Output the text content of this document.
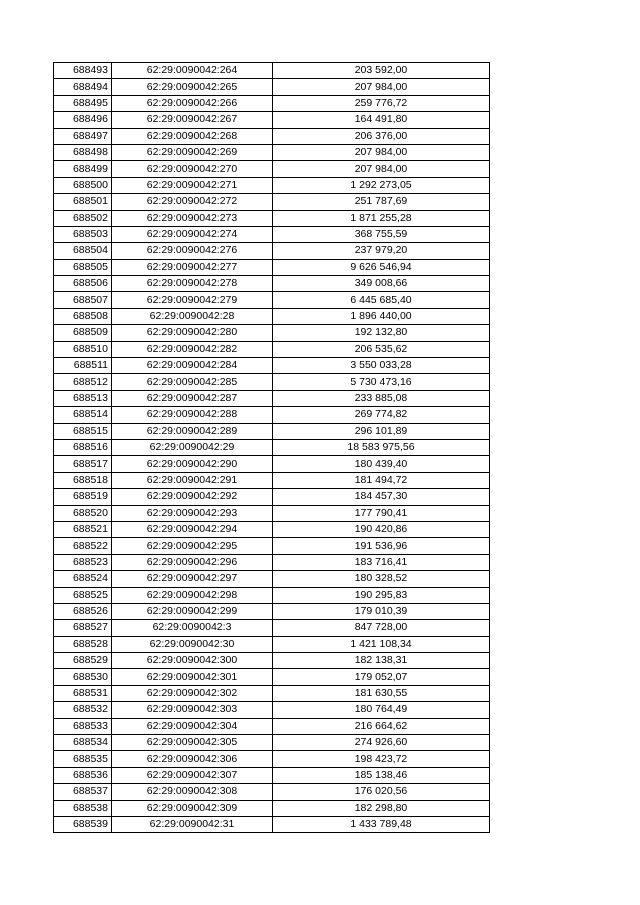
688493	62:29:0090042:264	203 592,00
688494	62:29:0090042:265	207 984,00
688495	62:29:0090042:266	259 776,72
688496	62:29:0090042:267	164 491,80
688497	62:29:0090042:268	206 376,00
688498	62:29:0090042:269	207 984,00
688499	62:29:0090042:270	207 984,00
688500	62:29:0090042:271	1 292 273,05
688501	62:29:0090042:272	251 787,69
688502	62:29:0090042:273	1 871 255,28
688503	62:29:0090042:274	368 755,59
688504	62:29:0090042:276	237 979,20
688505	62:29:0090042:277	9 626 546,94
688506	62:29:0090042:278	349 008,66
688507	62:29:0090042:279	6 445 685,40
688508	62:29:0090042:28	1 896 440,00
688509	62:29:0090042:280	192 132,80
688510	62:29:0090042:282	206 535,62
688511	62:29:0090042:284	3 550 033,28
688512	62:29:0090042:285	5 730 473,16
688513	62:29:0090042:287	233 885,08
688514	62:29:0090042:288	269 774,82
688515	62:29:0090042:289	296 101,89
688516	62:29:0090042:29	18 583 975,56
688517	62:29:0090042:290	180 439,40
688518	62:29:0090042:291	181 494,72
688519	62:29:0090042:292	184 457,30
688520	62:29:0090042:293	177 790,41
688521	62:29:0090042:294	190 420,86
688522	62:29:0090042:295	191 536,96
688523	62:29:0090042:296	183 716,41
688524	62:29:0090042:297	180 328,52
688525	62:29:0090042:298	190 295,83
688526	62:29:0090042:299	179 010,39
688527	62:29:0090042:3	847 728,00
688528	62:29:0090042:30	1 421 108,34
688529	62:29:0090042:300	182 138,31
688530	62:29:0090042:301	179 052,07
688531	62:29:0090042:302	181 630,55
688532	62:29:0090042:303	180 764,49
688533	62:29:0090042:304	216 664,62
688534	62:29:0090042:305	274 926,60
688535	62:29:0090042:306	198 423,72
688536	62:29:0090042:307	185 138,46
688537	62:29:0090042:308	176 020,56
688538	62:29:0090042:309	182 298,80
688539	62:29:0090042:31	1 433 789,48
